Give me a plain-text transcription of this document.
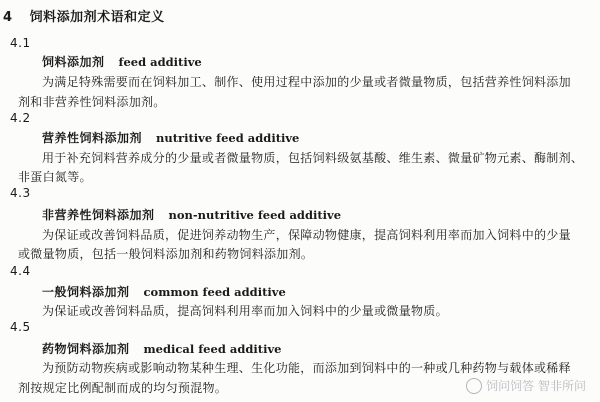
4 饲料添加剂术语和定义
4.1
饲料添加剂 feed additive
为满足特殊需要而在饲料加工、制作、使用过程中添加的少量或者微量物质，包括营养性饲料添加
剂和非营养性饲料添加剂。
4.2
营养性饲料添加剂 nutritive feed additive
用于补充饲料营养成分的少量或者微量物质，包括饲料级氨基酸、维生素、微量矿物元素、酶制剂、
非蛋白氮等。
4.3
非营养性饲料添加剂 non-nutritive feed additive
为保证或改善饲料品质，促进饲养动物生产，保障动物健康，提高饲料利用率而加入饲料中的少量
或微量物质，包括一般饲料添加剂和药物饲料添加剂。
4.4
一般饲料添加剂 common feed additive
为保证或改善饲料品质，提高饲料利用率而加入饲料中的少量或微量物质。
4.5
药物饲料添加剂 medical feed additive
为预防动物疾病或影响动物某种生理、生化功能，而添加到饲料中的一种或几种药物与载体或稀释
剂按规定比例配制而成的均匀预混物。	饲问饲答 智非所问
